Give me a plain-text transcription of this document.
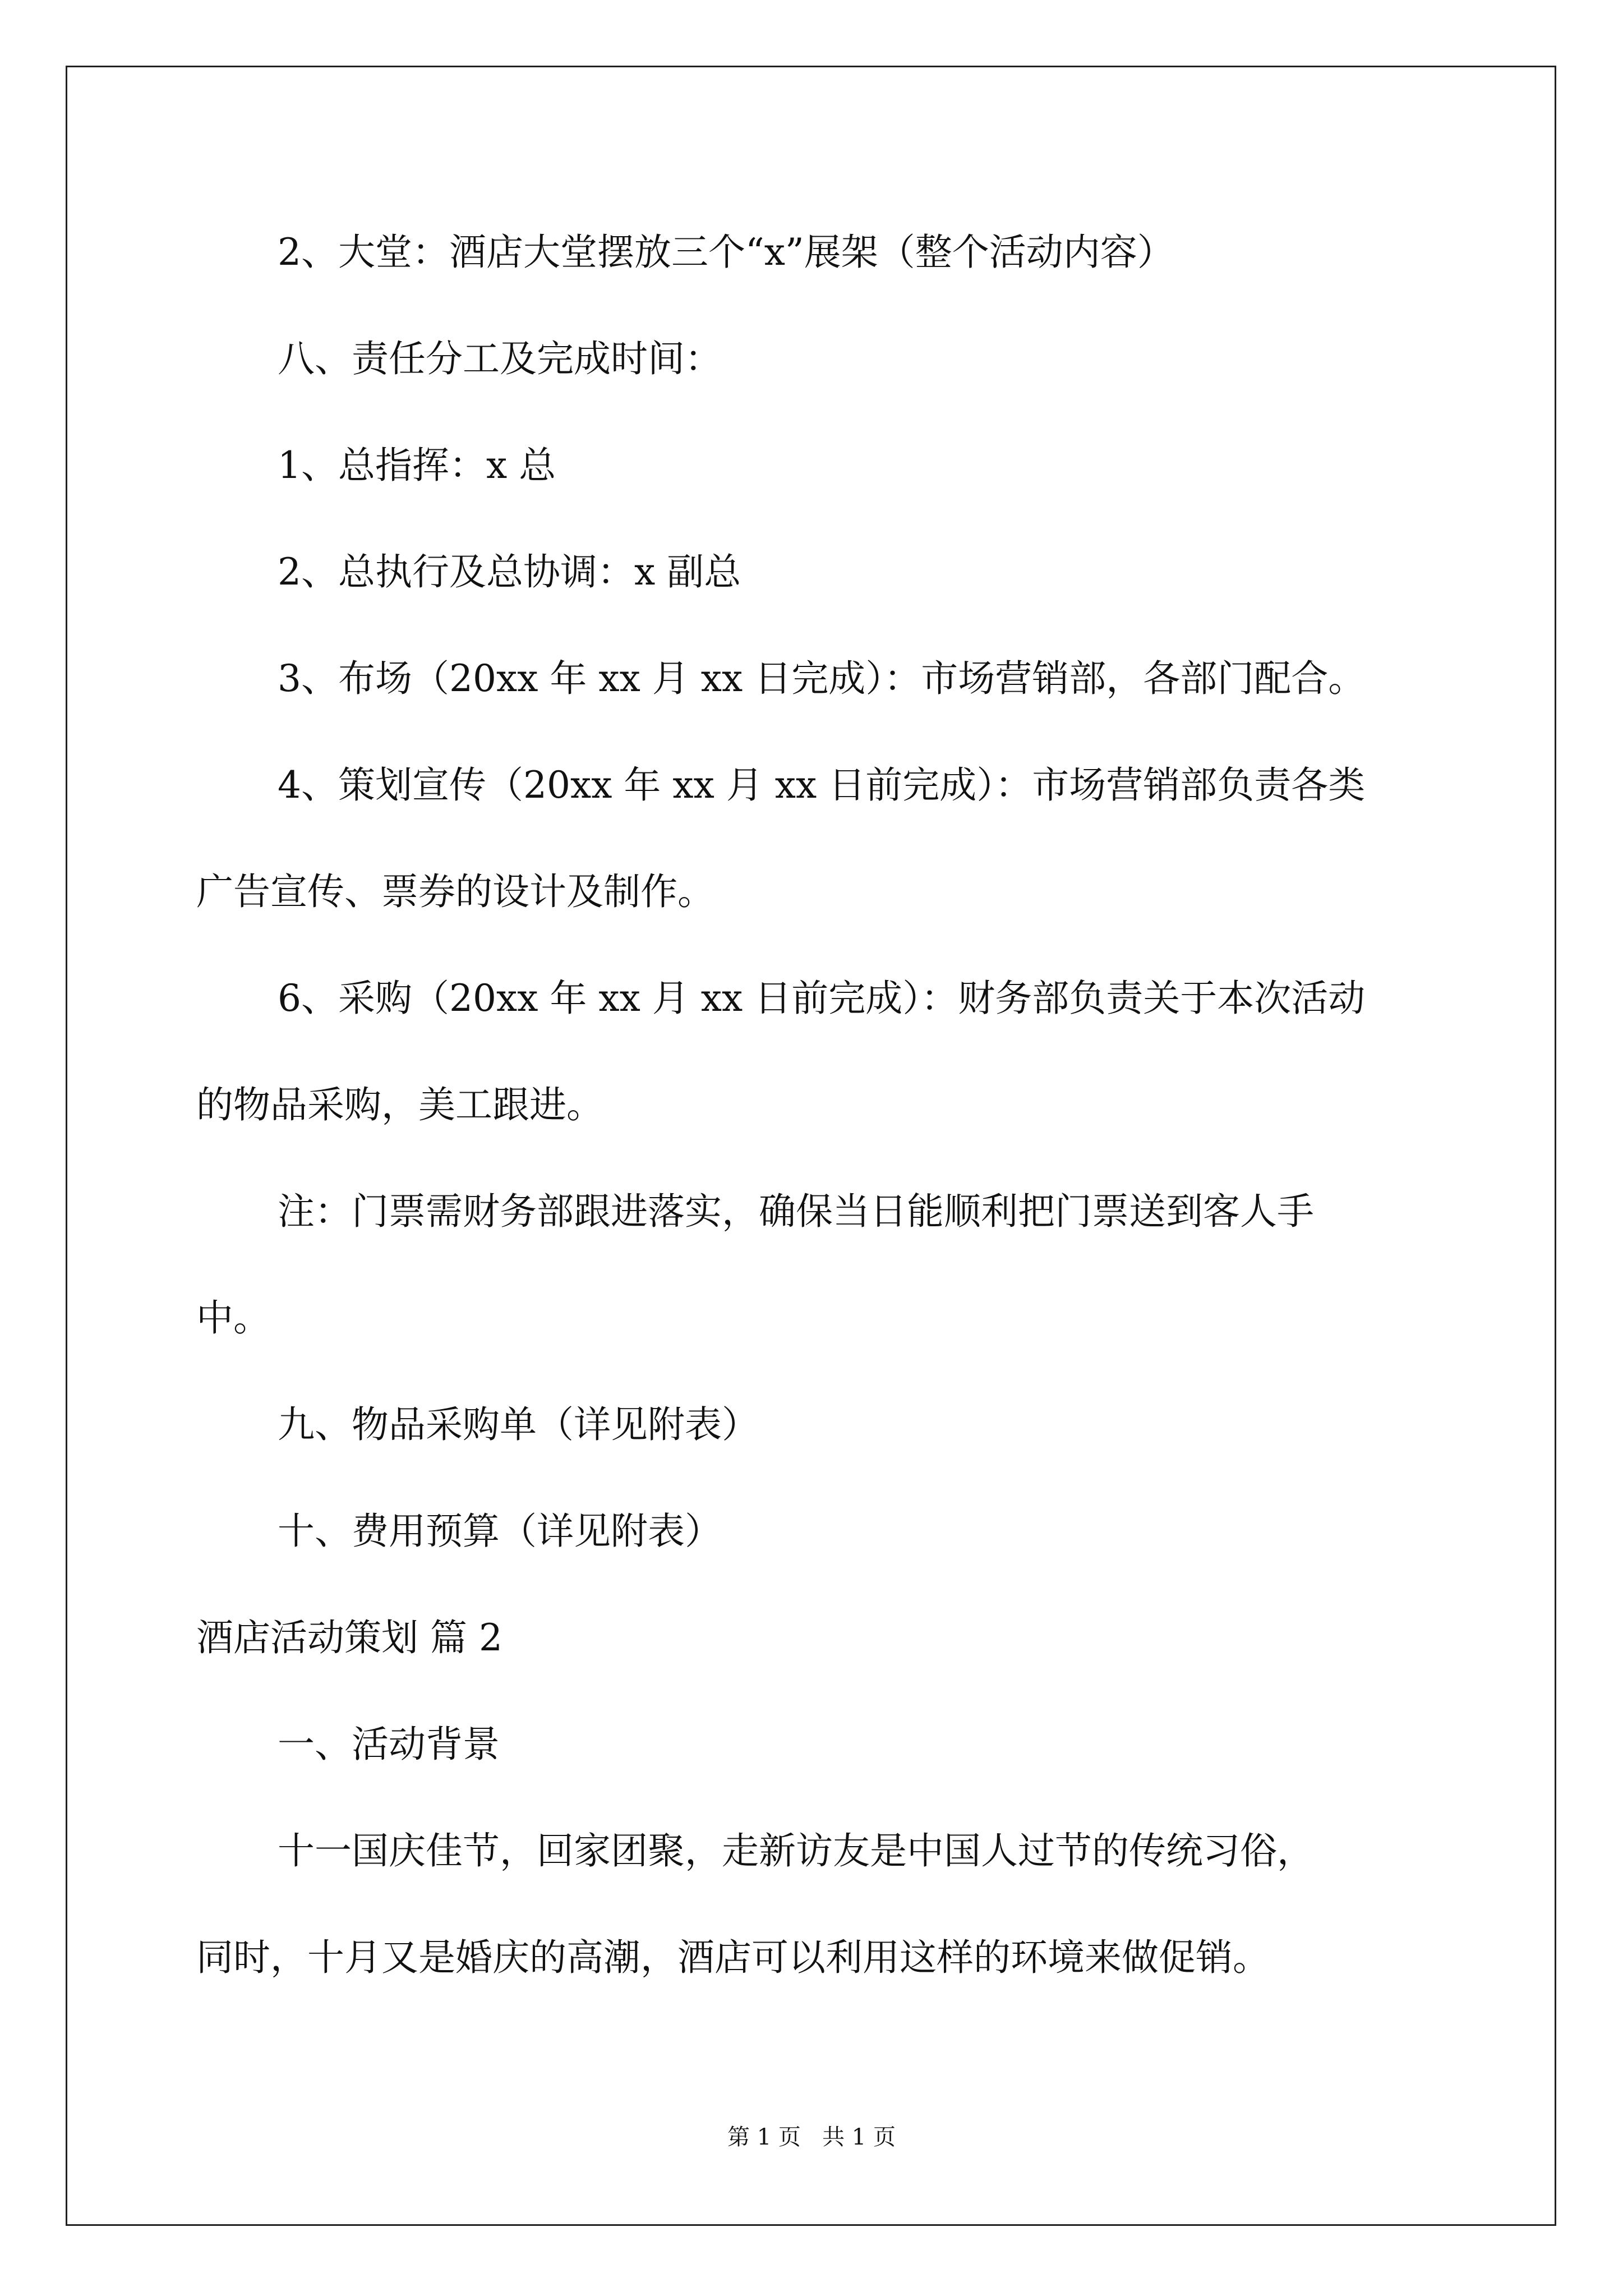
2、大堂：酒店大堂摆放三个“x”展架（整个活动内容）
八、责任分工及完成时间：
1、总指挥：x 总
2、总执行及总协调：x 副总
3、布场（20xx 年 xx 月 xx 日完成）：市场营销部，各部门配合。
4、策划宣传（20xx 年 xx 月 xx 日前完成）：市场营销部负责各类
广告宣传、票券的设计及制作。
6、采购（20xx 年 xx 月 xx 日前完成）：财务部负责关于本次活动
的物品采购，美工跟进。
注：门票需财务部跟进落实，确保当日能顺利把门票送到客人手
中。
九、物品采购单（详见附表）
十、费用预算（详见附表）
酒店活动策划 篇 2
一、活动背景
十一国庆佳节，回家团聚，走新访友是中国人过节的传统习俗，
同时，十月又是婚庆的高潮，酒店可以利用这样的环境来做促销。
第 1 页   共 1 页
